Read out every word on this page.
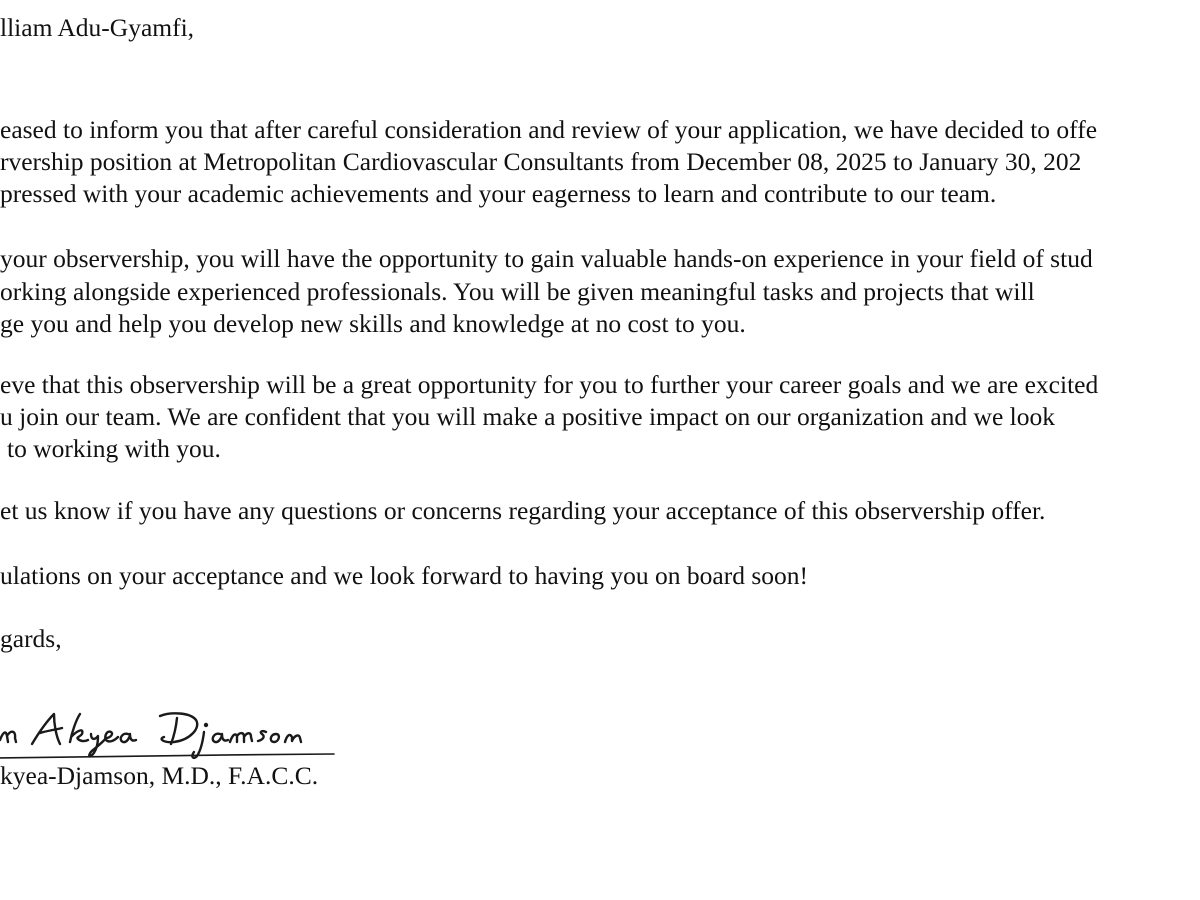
lliam Adu-Gyamfi,
eased to inform you that after careful consideration and review of your application, we have decided to offe
rvership position at Metropolitan Cardiovascular Consultants from December 08, 2025 to January 30, 202
pressed with your academic achievements and your eagerness to learn and contribute to our team.
your observership, you will have the opportunity to gain valuable hands-on experience in your field of stud
orking alongside experienced professionals. You will be given meaningful tasks and projects that will
ge you and help you develop new skills and knowledge at no cost to you.
eve that this observership will be a great opportunity for you to further your career goals and we are excited
u join our team. We are confident that you will make a positive impact on our organization and we look
to working with you.
et us know if you have any questions or concerns regarding your acceptance of this observership offer.
ulations on your acceptance and we look forward to having you on board soon!
gards,
kyea-Djamson, M.D., F.A.C.C.
